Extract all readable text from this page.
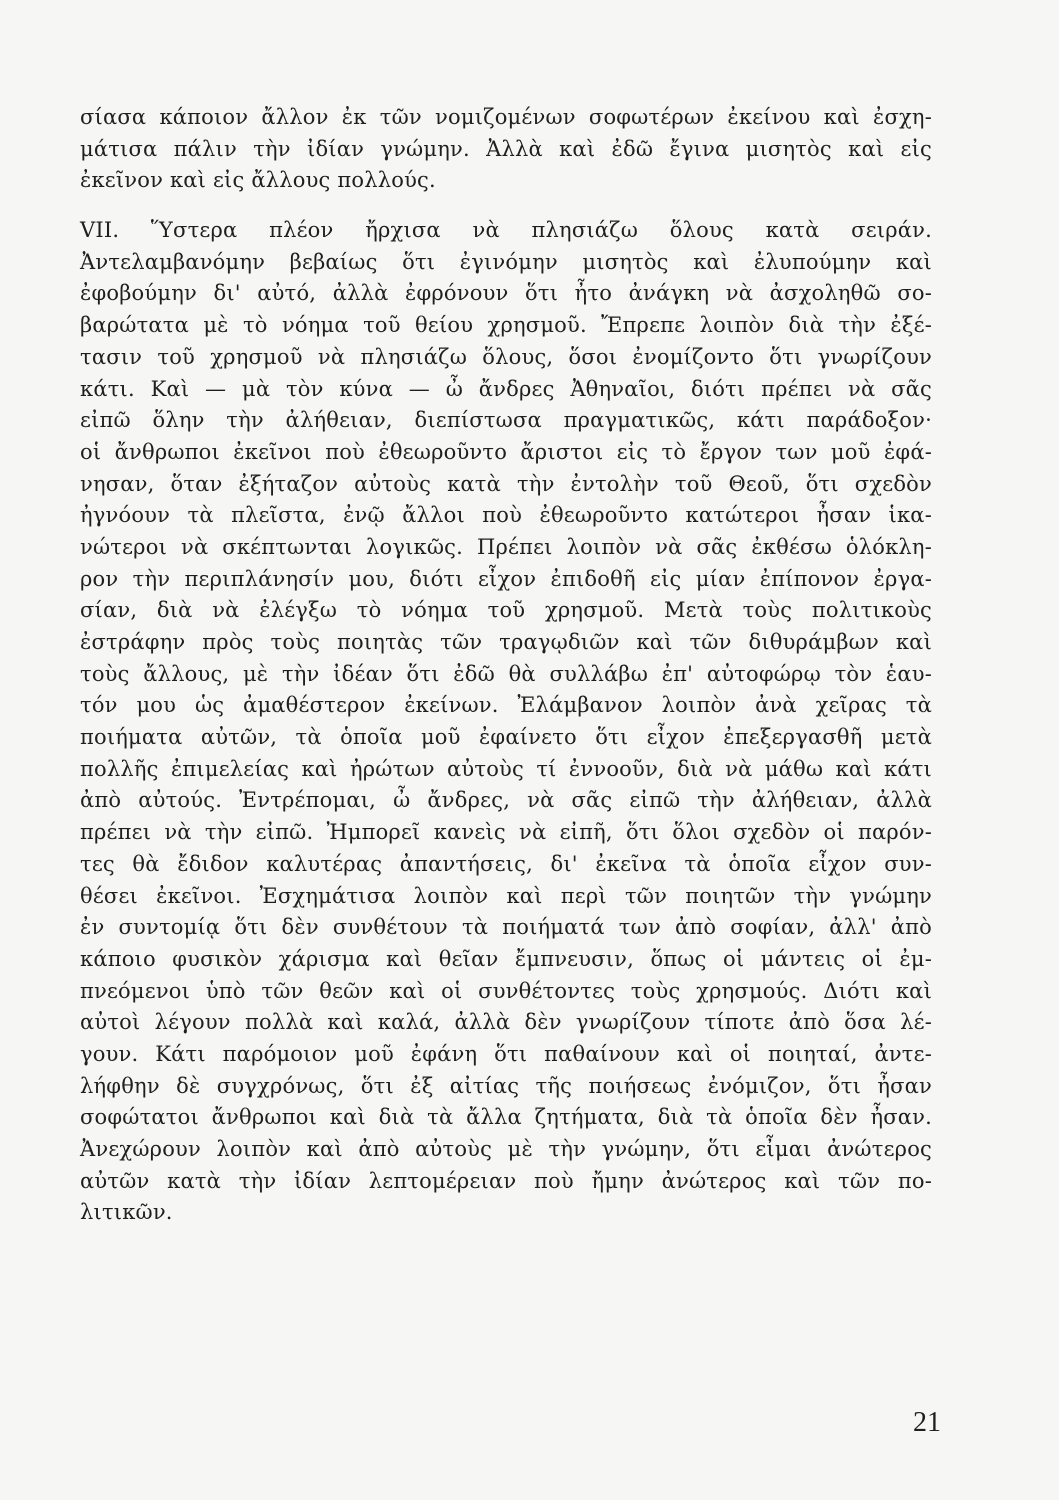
σίασα κάποιον ἄλλον ἐκ τῶν νομιζομένων σοφωτέρων ἐκείνου καὶ ἐσχη-
μάτισα πάλιν τὴν ἰδίαν γνώμην. Ἀλλὰ καὶ ἐδῶ ἔγινα μισητὸς καὶ εἰς
ἐκεῖνον καὶ εἰς ἄλλους πολλούς.
VII. Ὕστερα πλέον ἤρχισα νὰ πλησιάζω ὅλους κατὰ σειράν.
Ἀντελαμβανόμην βεβαίως ὅτι ἐγινόμην μισητὸς καὶ ἐλυπούμην καὶ
ἐφοβούμην δι' αὐτό, ἀλλὰ ἐφρόνουν ὅτι ἦτο ἀνάγκη νὰ ἀσχοληθῶ σο-
βαρώτατα μὲ τὸ νόημα τοῦ θείου χρησμοῦ. Ἔπρεπε λοιπὸν διὰ τὴν ἐξέ-
τασιν τοῦ χρησμοῦ νὰ πλησιάζω ὅλους, ὅσοι ἐνομίζοντο ὅτι γνωρίζουν
κάτι. Καὶ — μὰ τὸν κύνα — ὦ ἄνδρες Ἀθηναῖοι, διότι πρέπει νὰ σᾶς
εἰπῶ ὅλην τὴν ἀλήθειαν, διεπίστωσα πραγματικῶς, κάτι παράδοξον·
οἱ ἄνθρωποι ἐκεῖνοι ποὺ ἐθεωροῦντο ἄριστοι εἰς τὸ ἔργον των μοῦ ἐφά-
νησαν, ὅταν ἐξήταζον αὐτοὺς κατὰ τὴν ἐντολὴν τοῦ Θεοῦ, ὅτι σχεδὸν
ἠγνόουν τὰ πλεῖστα, ἐνῷ ἄλλοι ποὺ ἐθεωροῦντο κατώτεροι ἦσαν ἱκα-
νώτεροι νὰ σκέπτωνται λογικῶς. Πρέπει λοιπὸν νὰ σᾶς ἐκθέσω ὁλόκλη-
ρον τὴν περιπλάνησίν μου, διότι εἶχον ἐπιδοθῆ εἰς μίαν ἐπίπονον ἐργα-
σίαν, διὰ νὰ ἐλέγξω τὸ νόημα τοῦ χρησμοῦ. Μετὰ τοὺς πολιτικοὺς
ἐστράφην πρὸς τοὺς ποιητὰς τῶν τραγῳδιῶν καὶ τῶν διθυράμβων καὶ
τοὺς ἄλλους, μὲ τὴν ἰδέαν ὅτι ἐδῶ θὰ συλλάβω ἐπ' αὐτοφώρῳ τὸν ἑαυ-
τόν μου ὡς ἀμαθέστερον ἐκείνων. Ἐλάμβανον λοιπὸν ἀνὰ χεῖρας τὰ
ποιήματα αὐτῶν, τὰ ὁποῖα μοῦ ἐφαίνετο ὅτι εἶχον ἐπεξεργασθῆ μετὰ
πολλῆς ἐπιμελείας καὶ ἠρώτων αὐτοὺς τί ἐννοοῦν, διὰ νὰ μάθω καὶ κάτι
ἀπὸ αὐτούς. Ἐντρέπομαι, ὦ ἄνδρες, νὰ σᾶς εἰπῶ τὴν ἀλήθειαν, ἀλλὰ
πρέπει νὰ τὴν εἰπῶ. Ἠμπορεῖ κανεὶς νὰ εἰπῆ, ὅτι ὅλοι σχεδὸν οἱ παρόν-
τες θὰ ἔδιδον καλυτέρας ἀπαντήσεις, δι' ἐκεῖνα τὰ ὁποῖα εἶχον συν-
θέσει ἐκεῖνοι. Ἐσχημάτισα λοιπὸν καὶ περὶ τῶν ποιητῶν τὴν γνώμην
ἐν συντομίᾳ ὅτι δὲν συνθέτουν τὰ ποιήματά των ἀπὸ σοφίαν, ἀλλ' ἀπὸ
κάποιο φυσικὸν χάρισμα καὶ θεῖαν ἔμπνευσιν, ὅπως οἱ μάντεις οἱ ἐμ-
πνεόμενοι ὑπὸ τῶν θεῶν καὶ οἱ συνθέτοντες τοὺς χρησμούς. Διότι καὶ
αὐτοὶ λέγουν πολλὰ καὶ καλά, ἀλλὰ δὲν γνωρίζουν τίποτε ἀπὸ ὅσα λέ-
γουν. Κάτι παρόμοιον μοῦ ἐφάνη ὅτι παθαίνουν καὶ οἱ ποιηταί, ἀντε-
λήφθην δὲ συγχρόνως, ὅτι ἐξ αἰτίας τῆς ποιήσεως ἐνόμιζον, ὅτι ἦσαν
σοφώτατοι ἄνθρωποι καὶ διὰ τὰ ἄλλα ζητήματα, διὰ τὰ ὁποῖα δὲν ἦσαν.
Ἀνεχώρουν λοιπὸν καὶ ἀπὸ αὐτοὺς μὲ τὴν γνώμην, ὅτι εἶμαι ἀνώτερος
αὐτῶν κατὰ τὴν ἰδίαν λεπτομέρειαν ποὺ ἤμην ἀνώτερος καὶ τῶν πο-
λιτικῶν.
21
